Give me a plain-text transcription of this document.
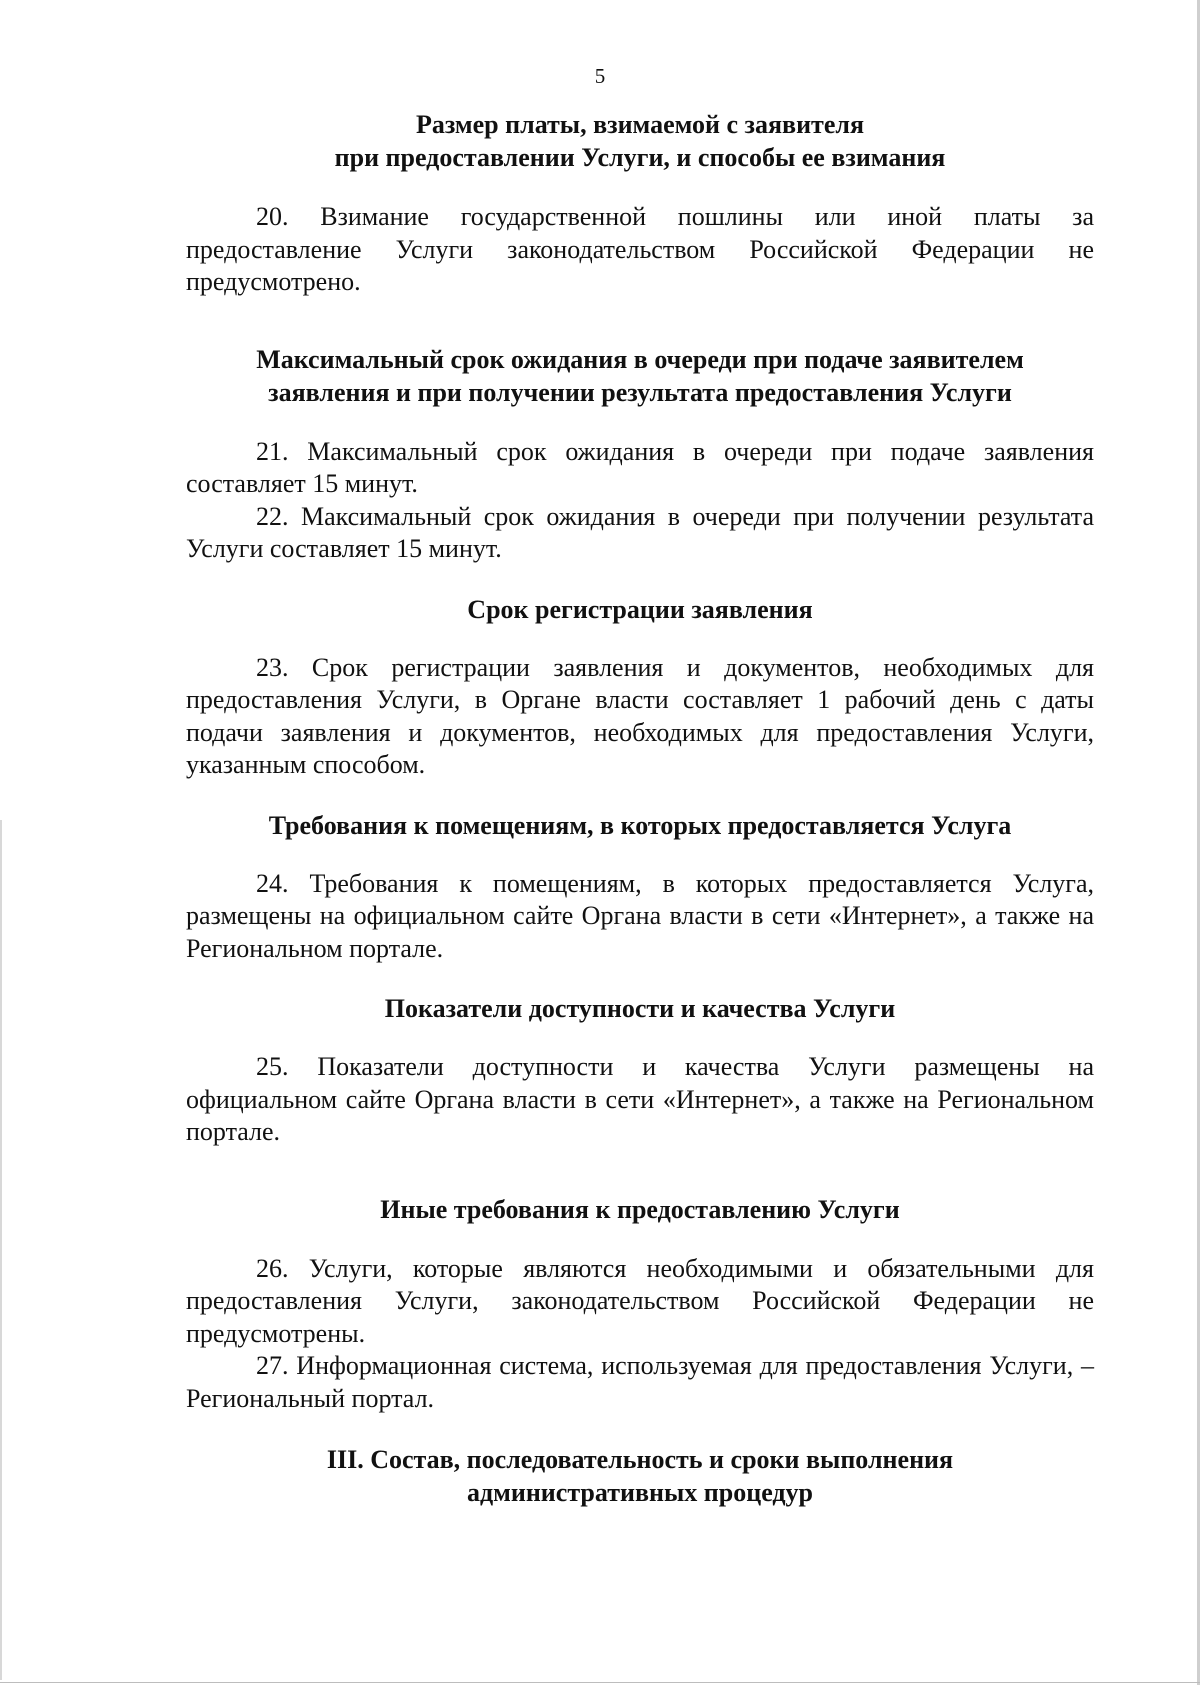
5
Размер платы, взимаемой с заявителя
при предоставлении Услуги, и способы ее взимания

20. Взимание государственной пошлины или иной платы за предоставление Услуги законодательством Российской Федерации не предусмотрено.

Максимальный срок ожидания в очереди при подаче заявителем
заявления и при получении результата предоставления Услуги

21. Максимальный срок ожидания в очереди при подаче заявления составляет 15 минут.

22. Максимальный срок ожидания в очереди при получении результата Услуги составляет 15 минут.

Срок регистрации заявления

23. Срок регистрации заявления и документов, необходимых для предоставления Услуги, в Органе власти составляет 1 рабочий день с даты подачи заявления и документов, необходимых для предоставления Услуги, указанным способом.

Требования к помещениям, в которых предоставляется Услуга

24. Требования к помещениям, в которых предоставляется Услуга, размещены на официальном сайте Органа власти в сети «Интернет», а также на Региональном портале.

Показатели доступности и качества Услуги

25. Показатели доступности и качества Услуги размещены на официальном сайте Органа власти в сети «Интернет», а также на Региональном портале.

Иные требования к предоставлению Услуги

26. Услуги, которые являются необходимыми и обязательными для предоставления Услуги, законодательством Российской Федерации не предусмотрены.

27. Информационная система, используемая для предоставления Услуги, – Региональный портал.

III. Состав, последовательность и сроки выполнения
административных процедур
